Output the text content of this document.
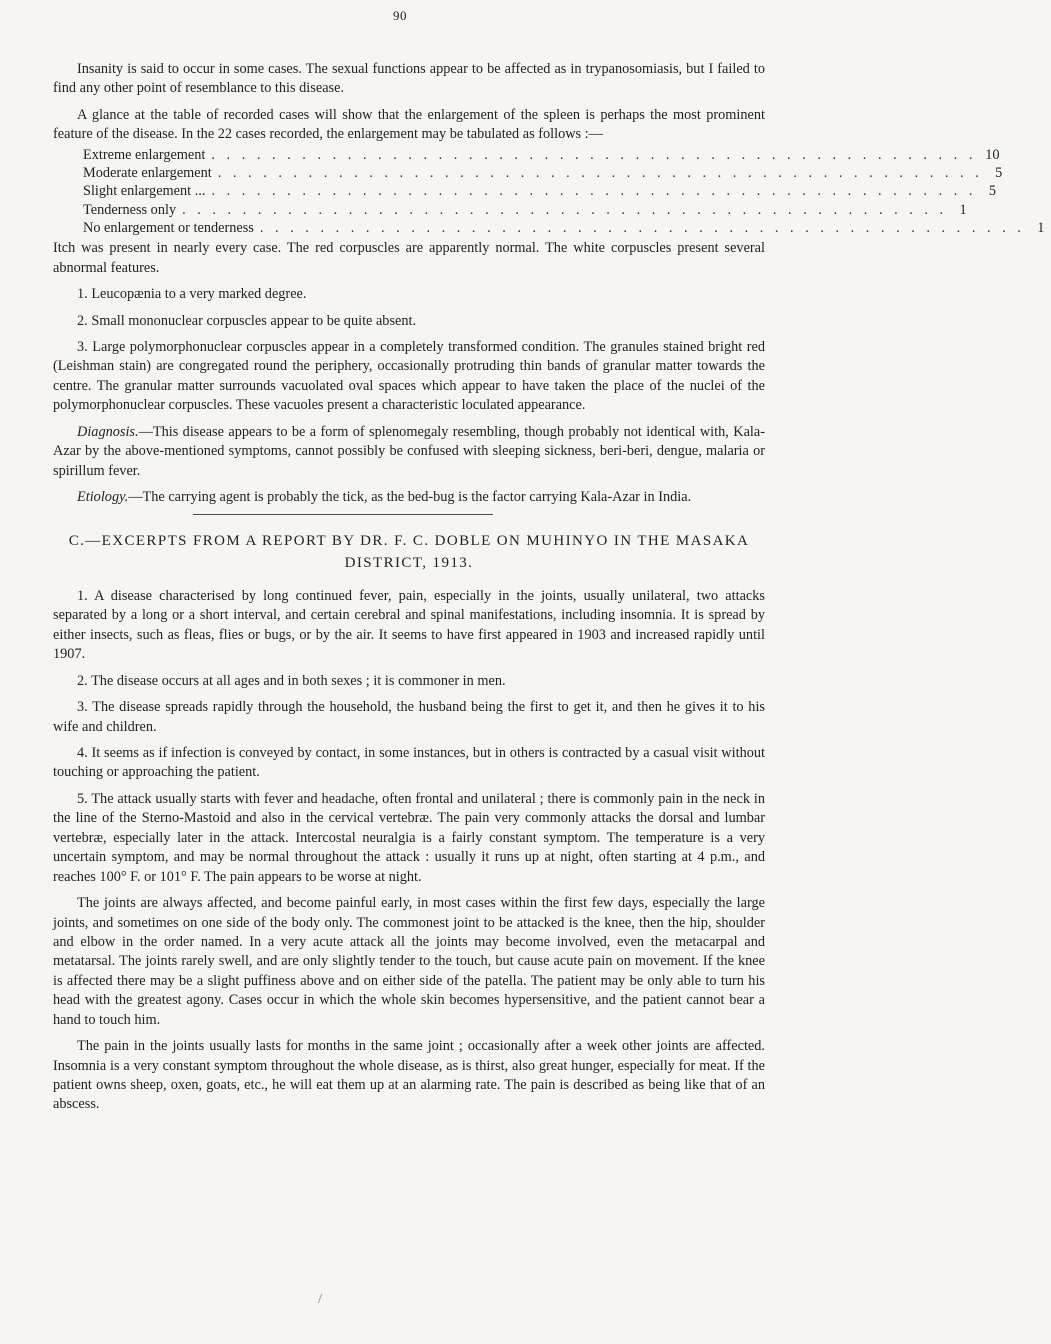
90

Insanity is said to occur in some cases. The sexual functions appear to be affected as in trypanosomiasis, but I failed to find any other point of resemblance to this disease.

A glance at the table of recorded cases will show that the enlargement of the spleen is perhaps the most prominent feature of the disease. In the 22 cases recorded, the enlargement may be tabulated as follows :—

Extreme enlargement . . . . . . . . . . . . . . . . . . . . . . . . . . . . . . . . . . . . . . . . . . . . . . . . . . . 10
Moderate enlargement . . . . . . . . . . . . . . . . . . . . . . . . . . . . . . . . . . . . . . . . . . . . . . . . . . . 5
Slight enlargement ... . . . . . . . . . . . . . . . . . . . . . . . . . . . . . . . . . . . . . . . . . . . . . . . . . . . 5
Tenderness only . . . . . . . . . . . . . . . . . . . . . . . . . . . . . . . . . . . . . . . . . . . . . . . . . . . 1
No enlargement or tenderness . . . . . . . . . . . . . . . . . . . . . . . . . . . . . . . . . . . . . . . . . . . . . . . . . . . 1

Itch was present in nearly every case. The red corpuscles are apparently normal. The white corpuscles present several abnormal features.

1. Leucopænia to a very marked degree.

2. Small mononuclear corpuscles appear to be quite absent.

3. Large polymorphonuclear corpuscles appear in a completely transformed condition. The granules stained bright red (Leishman stain) are congregated round the periphery, occasionally protruding thin bands of granular matter towards the centre. The granular matter surrounds vacuolated oval spaces which appear to have taken the place of the nuclei of the polymorphonuclear corpuscles. These vacuoles present a characteristic loculated appearance.

Diagnosis.—This disease appears to be a form of splenomegaly resembling, though probably not identical with, Kala-Azar by the above-mentioned symptoms, cannot possibly be confused with sleeping sickness, beri-beri, dengue, malaria or spirillum fever.

Etiology.—The carrying agent is probably the tick, as the bed-bug is the factor carrying Kala-Azar in India.

C.—EXCERPTS FROM A REPORT BY DR. F. C. DOBLE ON MUHINYO IN THE MASAKA DISTRICT, 1913.

1. A disease characterised by long continued fever, pain, especially in the joints, usually unilateral, two attacks separated by a long or a short interval, and certain cerebral and spinal manifestations, including insomnia. It is spread by either insects, such as fleas, flies or bugs, or by the air. It seems to have first appeared in 1903 and increased rapidly until 1907.

2. The disease occurs at all ages and in both sexes ; it is commoner in men.

3. The disease spreads rapidly through the household, the husband being the first to get it, and then he gives it to his wife and children.

4. It seems as if infection is conveyed by contact, in some instances, but in others is contracted by a casual visit without touching or approaching the patient.

5. The attack usually starts with fever and headache, often frontal and unilateral ; there is commonly pain in the neck in the line of the Sterno-Mastoid and also in the cervical vertebræ. The pain very commonly attacks the dorsal and lumbar vertebræ, especially later in the attack. Intercostal neuralgia is a fairly constant symptom. The temperature is a very uncertain symptom, and may be normal throughout the attack : usually it runs up at night, often starting at 4 p.m., and reaches 100° F. or 101° F. The pain appears to be worse at night.

The joints are always affected, and become painful early, in most cases within the first few days, especially the large joints, and sometimes on one side of the body only. The commonest joint to be attacked is the knee, then the hip, shoulder and elbow in the order named. In a very acute attack all the joints may become involved, even the metacarpal and metatarsal. The joints rarely swell, and are only slightly tender to the touch, but cause acute pain on movement. If the knee is affected there may be a slight puffiness above and on either side of the patella. The patient may be only able to turn his head with the greatest agony. Cases occur in which the whole skin becomes hypersensitive, and the patient cannot bear a hand to touch him.

The pain in the joints usually lasts for months in the same joint ; occasionally after a week other joints are affected. Insomnia is a very constant symptom throughout the whole disease, as is thirst, also great hunger, especially for meat. If the patient owns sheep, oxen, goats, etc., he will eat them up at an alarming rate. The pain is described as being like that of an abscess.

/
